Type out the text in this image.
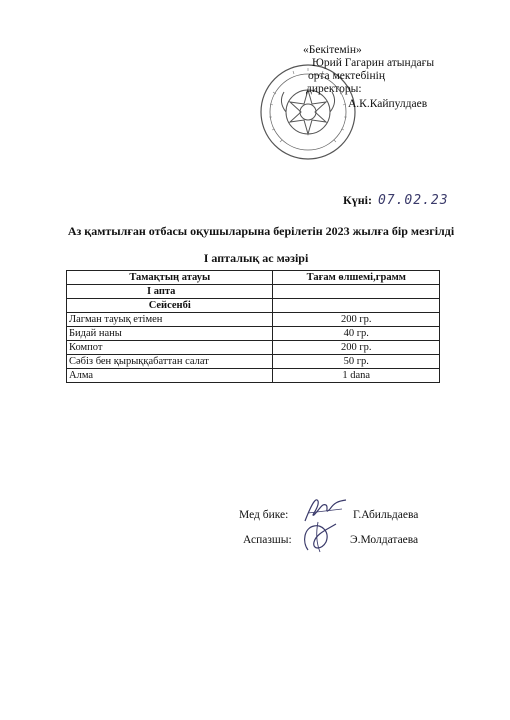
«Бекітемін»
Юрий Гагарин атындағы
орта мектебінің
директоры:
А.К.Кайпулдаев
Күні: 07.02.23
Аз қамтылған отбасы оқушыларына берілетін 2023 жылға бір мезгілді
I апталық ас мәзірі
Тамақтың атауы	Тағам өлшемі,грамм
I апта	
Сейсенбі	
Лагман тауық етімен	200 гр.
Бидай наны	40 гр.
Компот	200 гр.
Сәбіз бен қырыққабаттан салат	50 гр.
Алма	1 dana
Мед бике:	Г.Абильдаева
Аспазшы:	Э.Молдатаева
